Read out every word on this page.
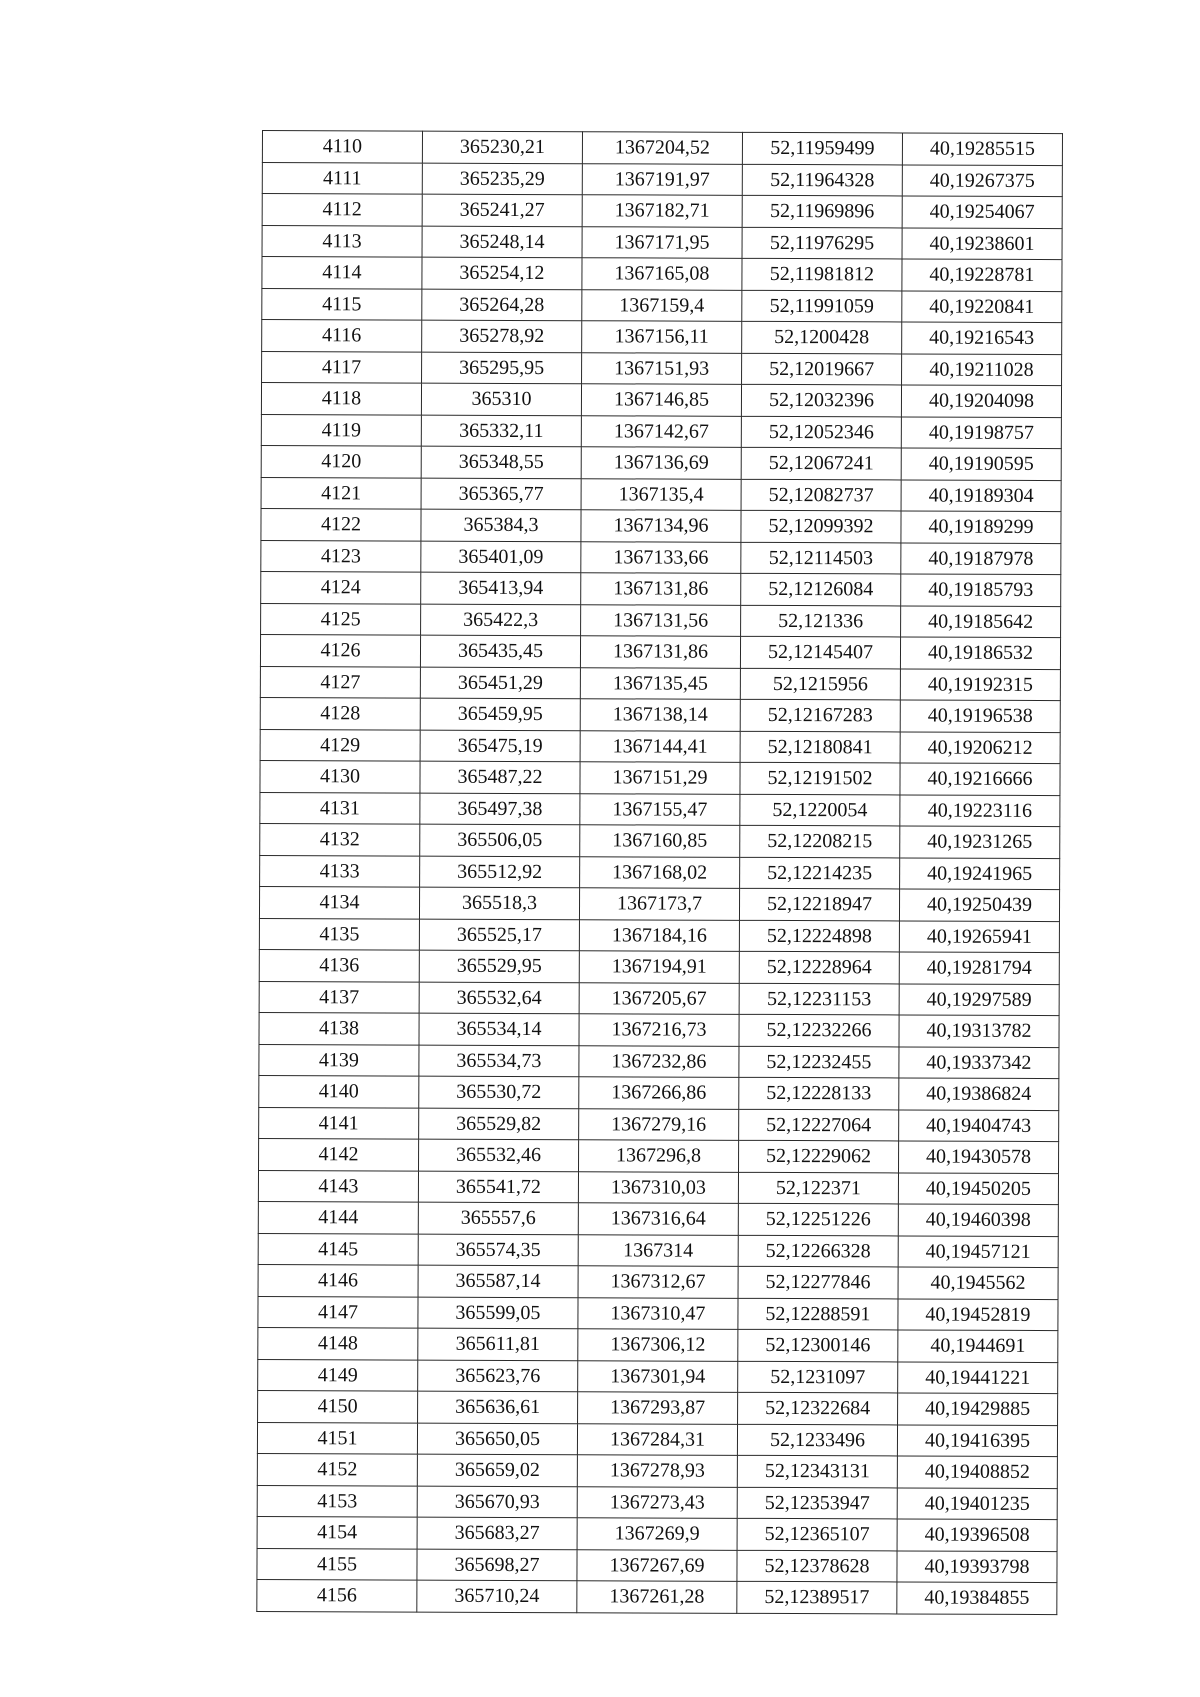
4110	365230,21	1367204,52	52,11959499	40,19285515
4111	365235,29	1367191,97	52,11964328	40,19267375
4112	365241,27	1367182,71	52,11969896	40,19254067
4113	365248,14	1367171,95	52,11976295	40,19238601
4114	365254,12	1367165,08	52,11981812	40,19228781
4115	365264,28	1367159,4	52,11991059	40,19220841
4116	365278,92	1367156,11	52,1200428	40,19216543
4117	365295,95	1367151,93	52,12019667	40,19211028
4118	365310	1367146,85	52,12032396	40,19204098
4119	365332,11	1367142,67	52,12052346	40,19198757
4120	365348,55	1367136,69	52,12067241	40,19190595
4121	365365,77	1367135,4	52,12082737	40,19189304
4122	365384,3	1367134,96	52,12099392	40,19189299
4123	365401,09	1367133,66	52,12114503	40,19187978
4124	365413,94	1367131,86	52,12126084	40,19185793
4125	365422,3	1367131,56	52,121336	40,19185642
4126	365435,45	1367131,86	52,12145407	40,19186532
4127	365451,29	1367135,45	52,1215956	40,19192315
4128	365459,95	1367138,14	52,12167283	40,19196538
4129	365475,19	1367144,41	52,12180841	40,19206212
4130	365487,22	1367151,29	52,12191502	40,19216666
4131	365497,38	1367155,47	52,1220054	40,19223116
4132	365506,05	1367160,85	52,12208215	40,19231265
4133	365512,92	1367168,02	52,12214235	40,19241965
4134	365518,3	1367173,7	52,12218947	40,19250439
4135	365525,17	1367184,16	52,12224898	40,19265941
4136	365529,95	1367194,91	52,12228964	40,19281794
4137	365532,64	1367205,67	52,12231153	40,19297589
4138	365534,14	1367216,73	52,12232266	40,19313782
4139	365534,73	1367232,86	52,12232455	40,19337342
4140	365530,72	1367266,86	52,12228133	40,19386824
4141	365529,82	1367279,16	52,12227064	40,19404743
4142	365532,46	1367296,8	52,12229062	40,19430578
4143	365541,72	1367310,03	52,122371	40,19450205
4144	365557,6	1367316,64	52,12251226	40,19460398
4145	365574,35	1367314	52,12266328	40,19457121
4146	365587,14	1367312,67	52,12277846	40,1945562
4147	365599,05	1367310,47	52,12288591	40,19452819
4148	365611,81	1367306,12	52,12300146	40,1944691
4149	365623,76	1367301,94	52,1231097	40,19441221
4150	365636,61	1367293,87	52,12322684	40,19429885
4151	365650,05	1367284,31	52,1233496	40,19416395
4152	365659,02	1367278,93	52,12343131	40,19408852
4153	365670,93	1367273,43	52,12353947	40,19401235
4154	365683,27	1367269,9	52,12365107	40,19396508
4155	365698,27	1367267,69	52,12378628	40,19393798
4156	365710,24	1367261,28	52,12389517	40,19384855
